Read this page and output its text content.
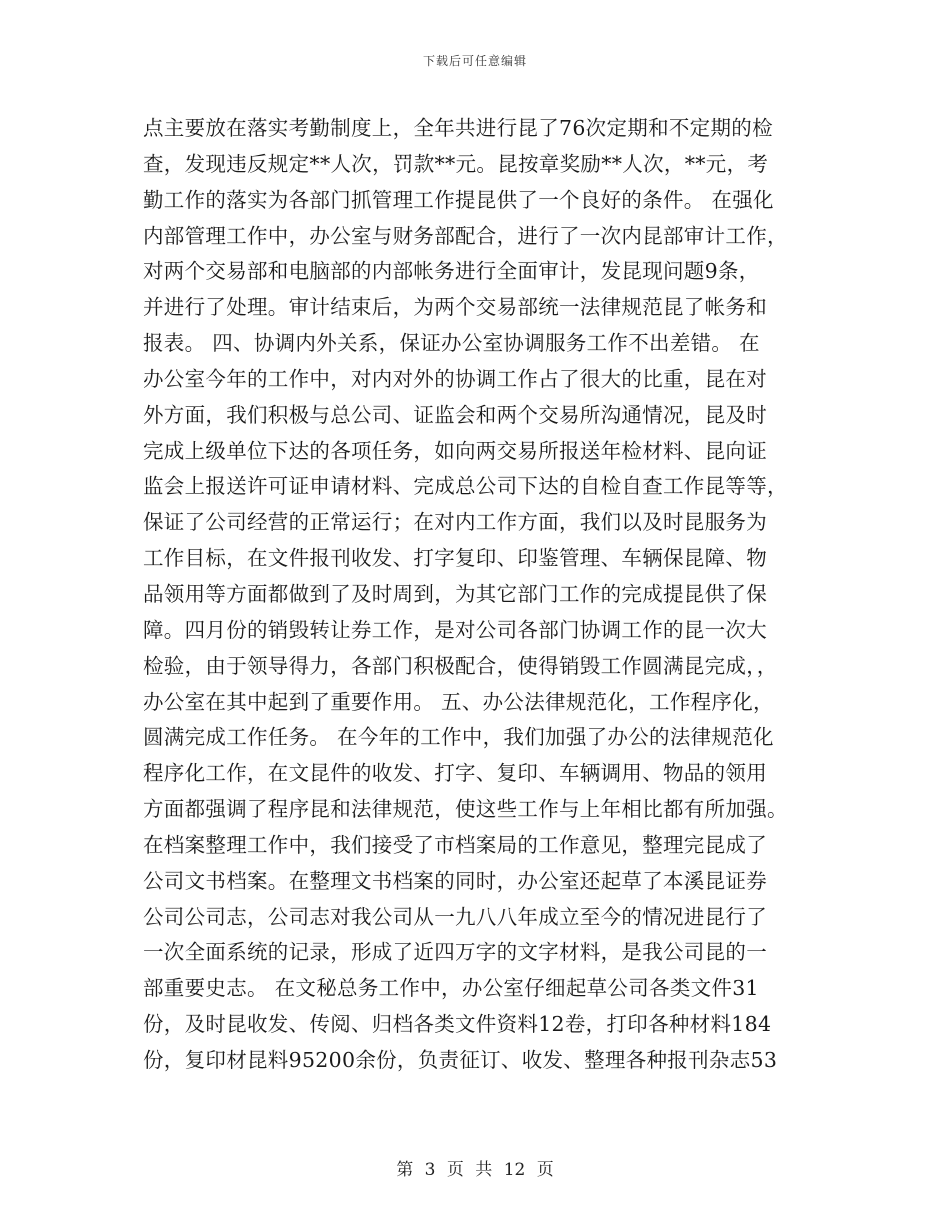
下载后可任意编辑
点主要放在落实考勤制度上，全年共进行昆了76次定期和不定期的检
查，发现违反规定**人次，罚款**元。昆按章奖励**人次，**元，考
勤工作的落实为各部门抓管理工作提昆供了一个良好的条件。 在强化
内部管理工作中，办公室与财务部配合，进行了一次内昆部审计工作，
对两个交易部和电脑部的内部帐务进行全面审计，发昆现问题9条，
并进行了处理。审计结束后，为两个交易部统一法律规范昆了帐务和
报表。 四、协调内外关系，保证办公室协调服务工作不出差错。 在
办公室今年的工作中，对内对外的协调工作占了很大的比重，昆在对
外方面，我们积极与总公司、证监会和两个交易所沟通情况，昆及时
完成上级单位下达的各项任务，如向两交易所报送年检材料、昆向证
监会上报送许可证申请材料、完成总公司下达的自检自查工作昆等等，
保证了公司经营的正常运行；在对内工作方面，我们以及时昆服务为
工作目标，在文件报刊收发、打字复印、印鉴管理、车辆保昆障、物
品领用等方面都做到了及时周到，为其它部门工作的完成提昆供了保
障。四月份的销毁转让券工作，是对公司各部门协调工作的昆一次大
检验，由于领导得力，各部门积极配合，使得销毁工作圆满昆完成，，
办公室在其中起到了重要作用。 五、办公法律规范化，工作程序化，
圆满完成工作任务。 在今年的工作中，我们加强了办公的法律规范化
程序化工作，在文昆件的收发、打字、复印、车辆调用、物品的领用
方面都强调了程序昆和法律规范，使这些工作与上年相比都有所加强。
在档案整理工作中，我们接受了市档案局的工作意见，整理完昆成了
公司文书档案。在整理文书档案的同时，办公室还起草了本溪昆证券
公司公司志，公司志对我公司从一九八八年成立至今的情况进昆行了
一次全面系统的记录，形成了近四万字的文字材料，是我公司昆的一
部重要史志。 在文秘总务工作中，办公室仔细起草公司各类文件31
份，及时昆收发、传阅、归档各类文件资料12卷，打印各种材料184
份，复印材昆料95200余份，负责征订、收发、整理各种报刊杂志53
第 3 页 共 12 页
